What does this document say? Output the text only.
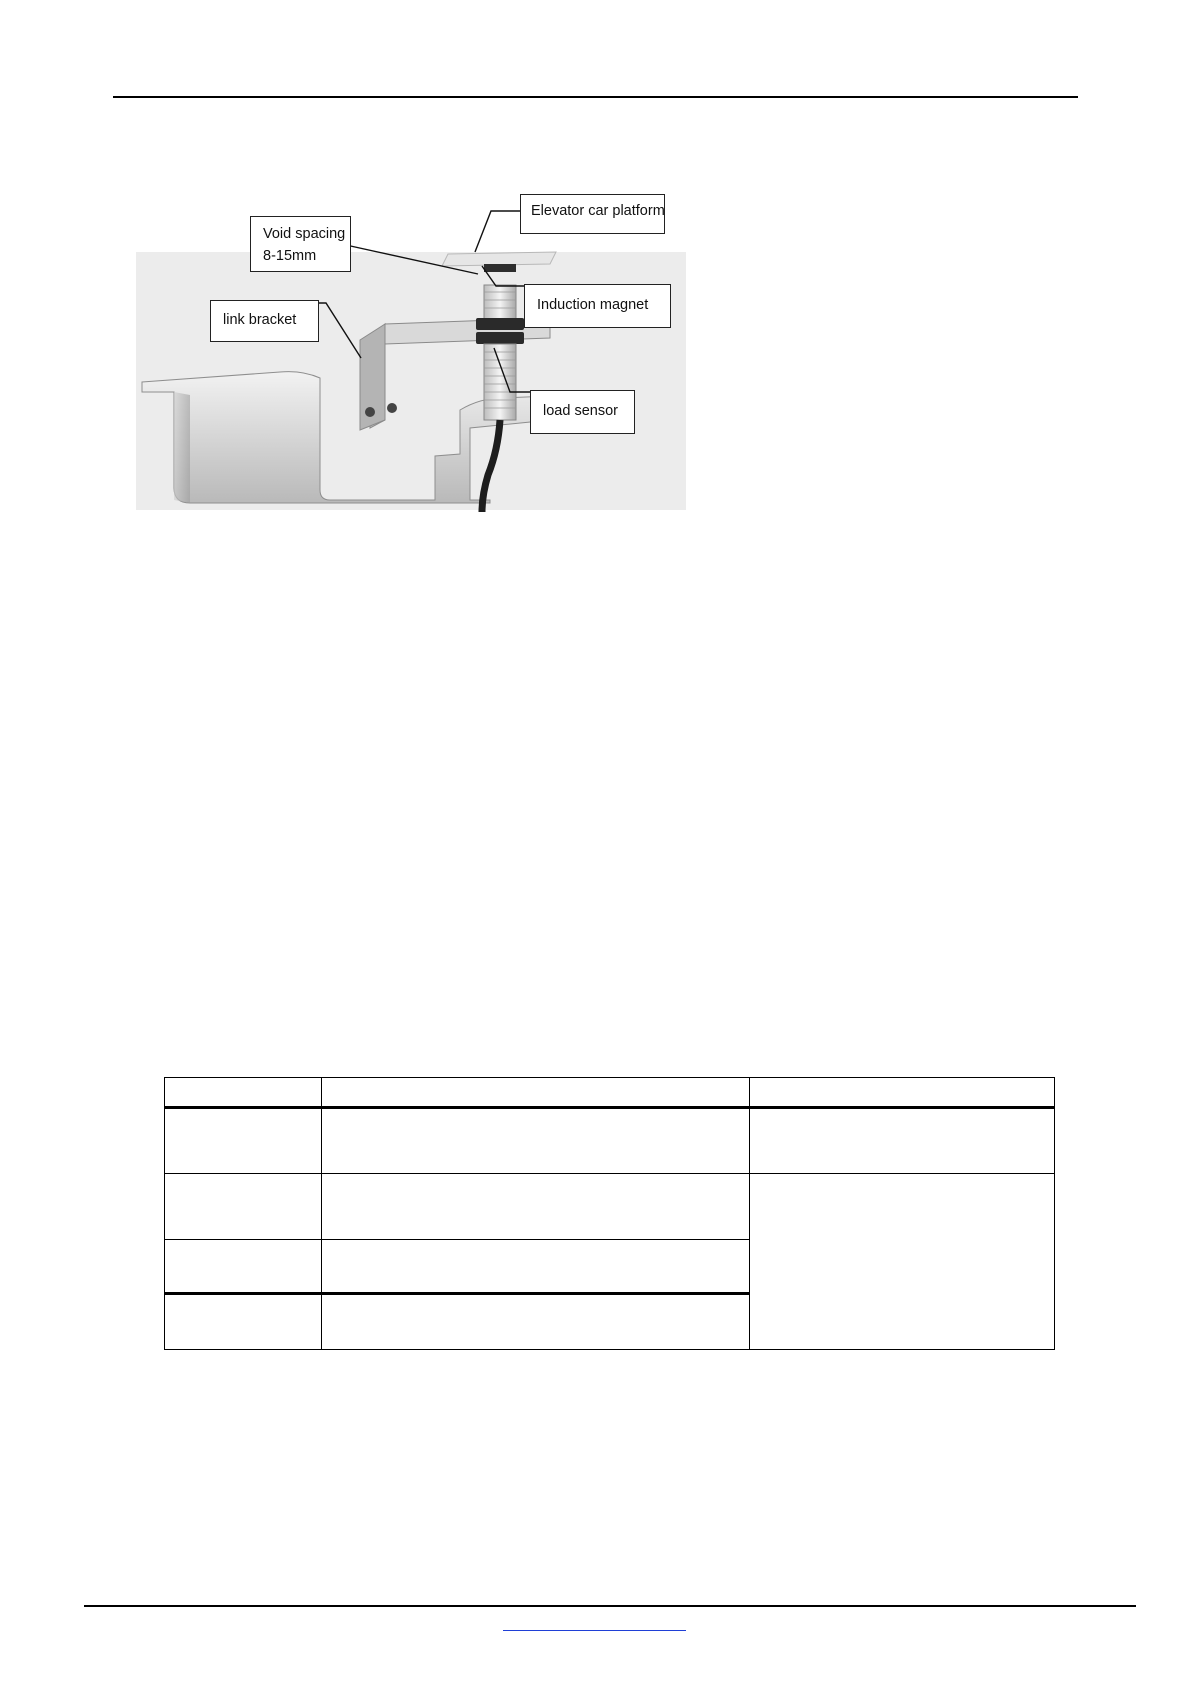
Elevator car platform
Void spacing
8-15mm
Induction magnet
link bracket
load sensor
